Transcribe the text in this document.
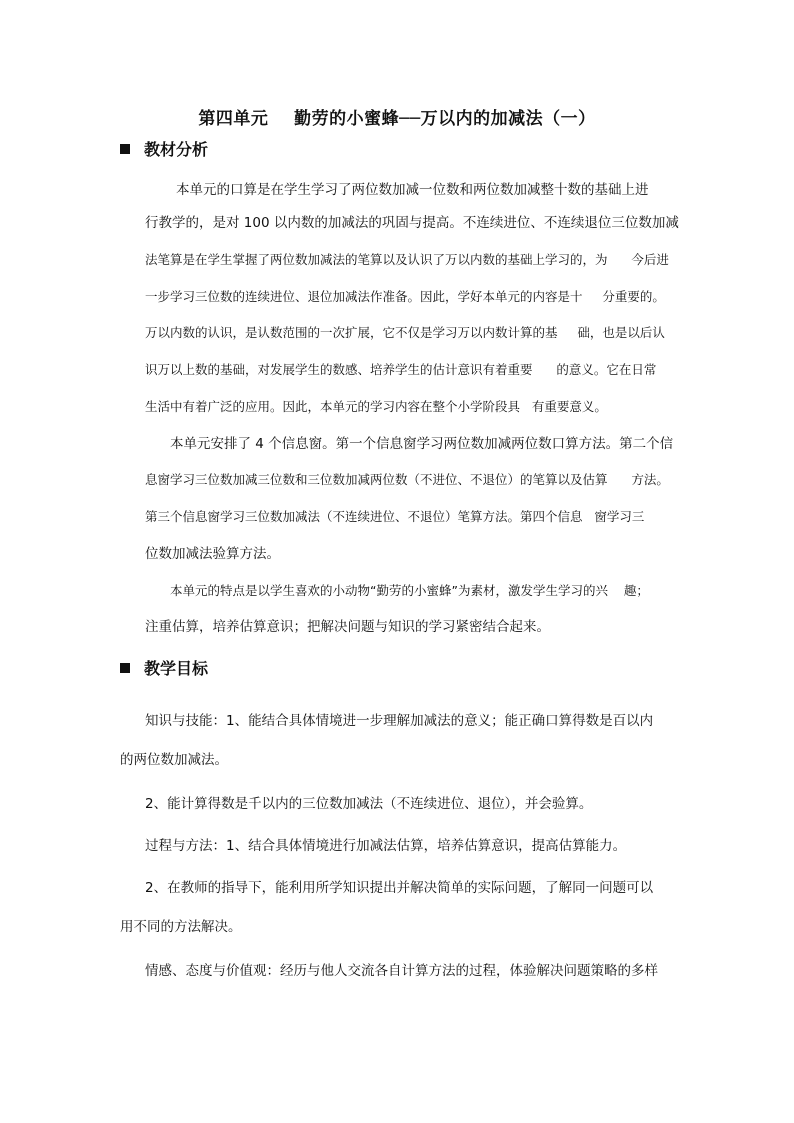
第四单元    勤劳的小蜜蜂──万以内的加减法（一）
教材分析
本单元的口算是在学生学习了两位数加减一位数和两位数加减整十数的基础上进
行教学的，是对 100 以内数的加减法的巩固与提高。不连续进位、不连续退位三位数加减
法笔算是在学生掌握了两位数加减法的笔算以及认识了万以内数的基础上学习的，为      今后进
一步学习三位数的连续进位、退位加减法作准备。因此，学好本单元的内容是十     分重要的。
万以内数的认识，是认数范围的一次扩展，它不仅是学习万以内数计算的基     础，也是以后认
识万以上数的基础，对发展学生的数感、培养学生的估计意识有着重要      的意义。它在日常
生活中有着广泛的应用。因此，本单元的学习内容在整个小学阶段具   有重要意义。
本单元安排了 4 个信息窗。第一个信息窗学习两位数加减两位数口算方法。第二个信
息窗学习三位数加减三位数和三位数加减两位数（不进位、不退位）的笔算以及估算      方法。
第三个信息窗学习三位数加减法（不连续进位、不退位）笔算方法。第四个信息   窗学习三
位数加减法验算方法。
本单元的特点是以学生喜欢的小动物“勤劳的小蜜蜂”为素材，激发学生学习的兴    趣；
注重估算，培养估算意识；把解决问题与知识的学习紧密结合起来。
教学目标
知识与技能：1、能结合具体情境进一步理解加减法的意义；能正确口算得数是百以内
的两位数加减法。
2、能计算得数是千以内的三位数加减法（不连续进位、退位），并会验算。
过程与方法：1、结合具体情境进行加减法估算，培养估算意识，提高估算能力。
2、在教师的指导下，能利用所学知识提出并解决简单的实际问题，了解同一问题可以
用不同的方法解决。
情感、态度与价值观：经历与他人交流各自计算方法的过程，体验解决问题策略的多样
